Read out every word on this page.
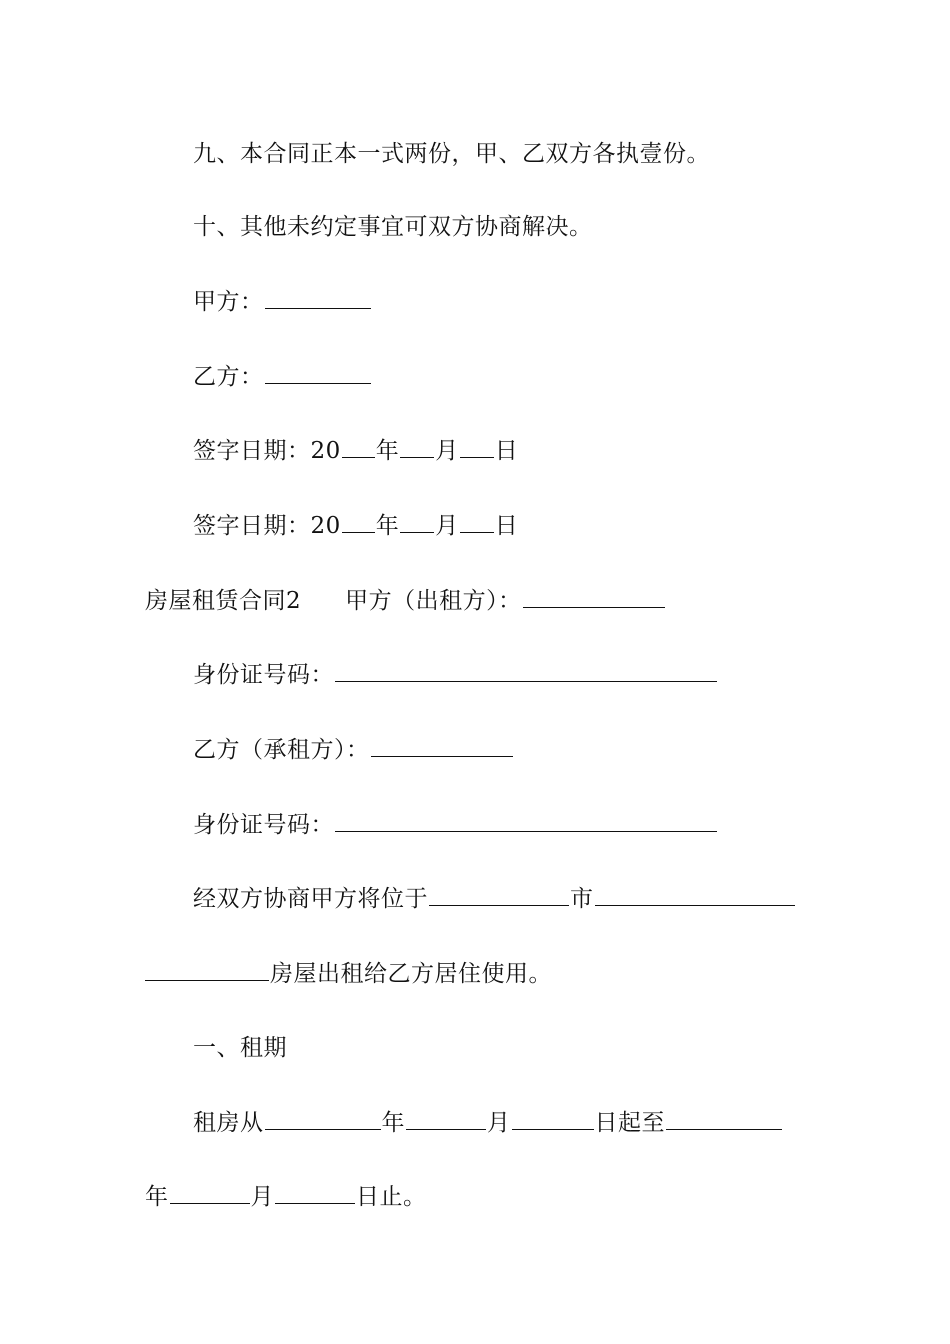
九、本合同正本一式两份，甲、乙双方各执壹份。
十、其他未约定事宜可双方协商解决。
甲方：
乙方：
签字日期：20 年 月 日
签字日期：20 年 月 日
房屋租赁合同2 甲方（出租方）：
身份证号码：
乙方（承租方）：
身份证号码：
经双方协商甲方将位于	市
房屋出租给乙方居住使用。
一、租期
租房从	年	月	日起至
年	月	日止。
